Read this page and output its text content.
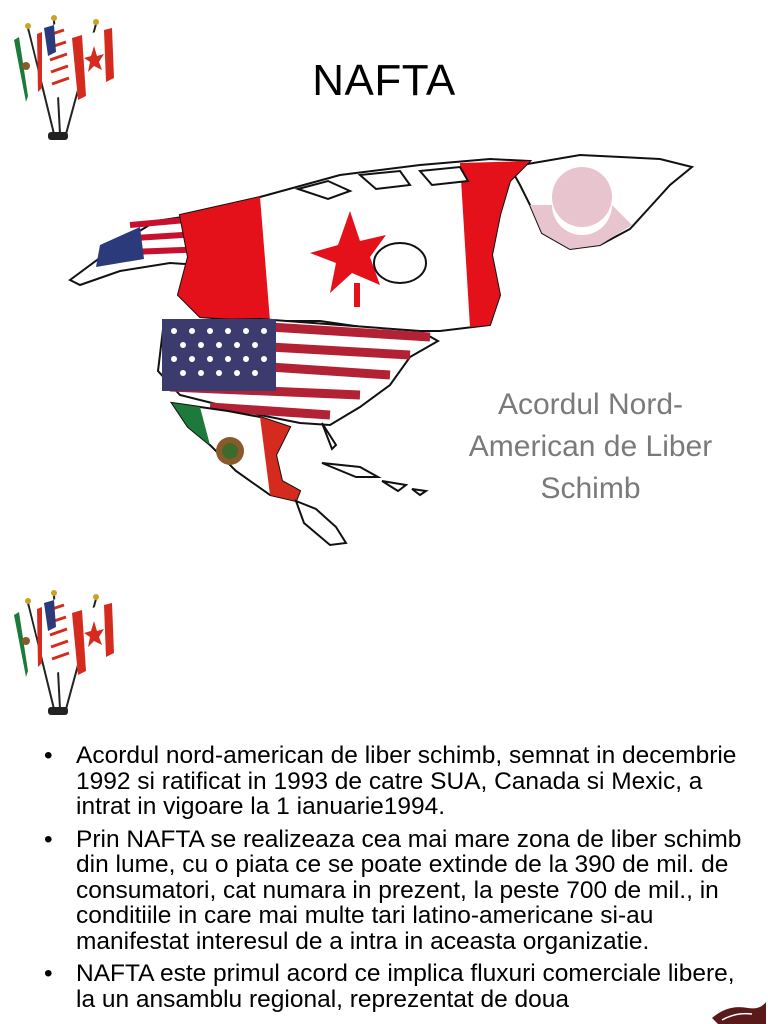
NAFTA
Acordul Nord-American de Liber Schimb
• Acordul nord-american de liber schimb, semnat in decembrie 1992 si ratificat in 1993 de catre SUA, Canada si Mexic, a intrat in vigoare la 1 ianuarie1994.
• Prin NAFTA se realizeaza cea mai mare zona de liber schimb din lume, cu o piata ce se poate extinde de la 390 de mil. de consumatori, cat numara in prezent, la peste 700 de mil., in conditiile in care mai multe tari latino-americane si-au manifestat interesul de a intra in aceasta organizatie.
• NAFTA este primul acord ce implica fluxuri comerciale libere, la un ansamblu regional, reprezentat de doua
